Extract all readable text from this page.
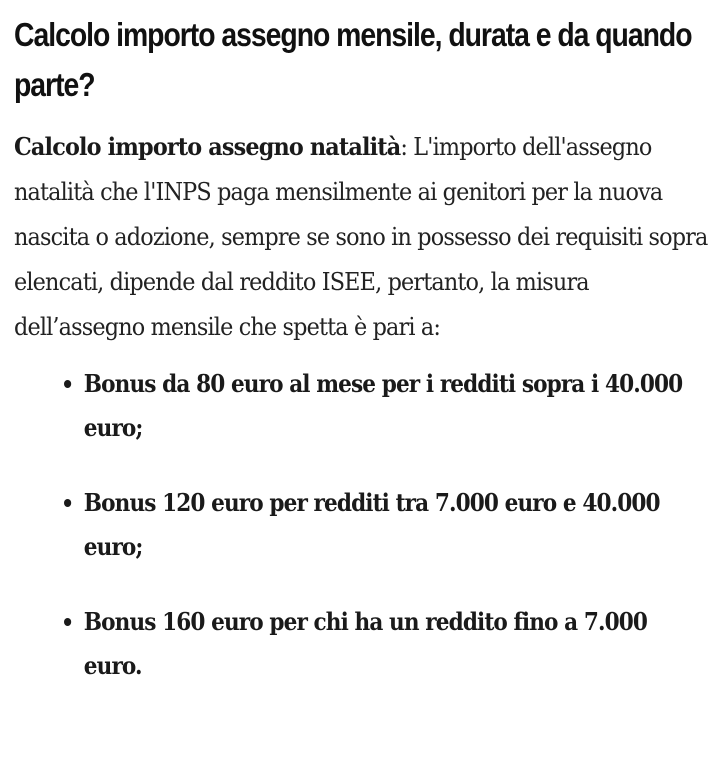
Calcolo importo assegno mensile, durata e da quando parte?

Calcolo importo assegno natalità: L'importo dell'assegno natalità che l'INPS paga mensilmente ai genitori per la nuova nascita o adozione, sempre se sono in possesso dei requisiti sopra elencati, dipende dal reddito ISEE, pertanto, la misura dell’assegno mensile che spetta è pari a:

Bonus da 80 euro al mese per i redditi sopra i 40.000 euro;
Bonus 120 euro per redditi tra 7.000 euro e 40.000 euro;
Bonus 160 euro per chi ha un reddito fino a 7.000 euro.
